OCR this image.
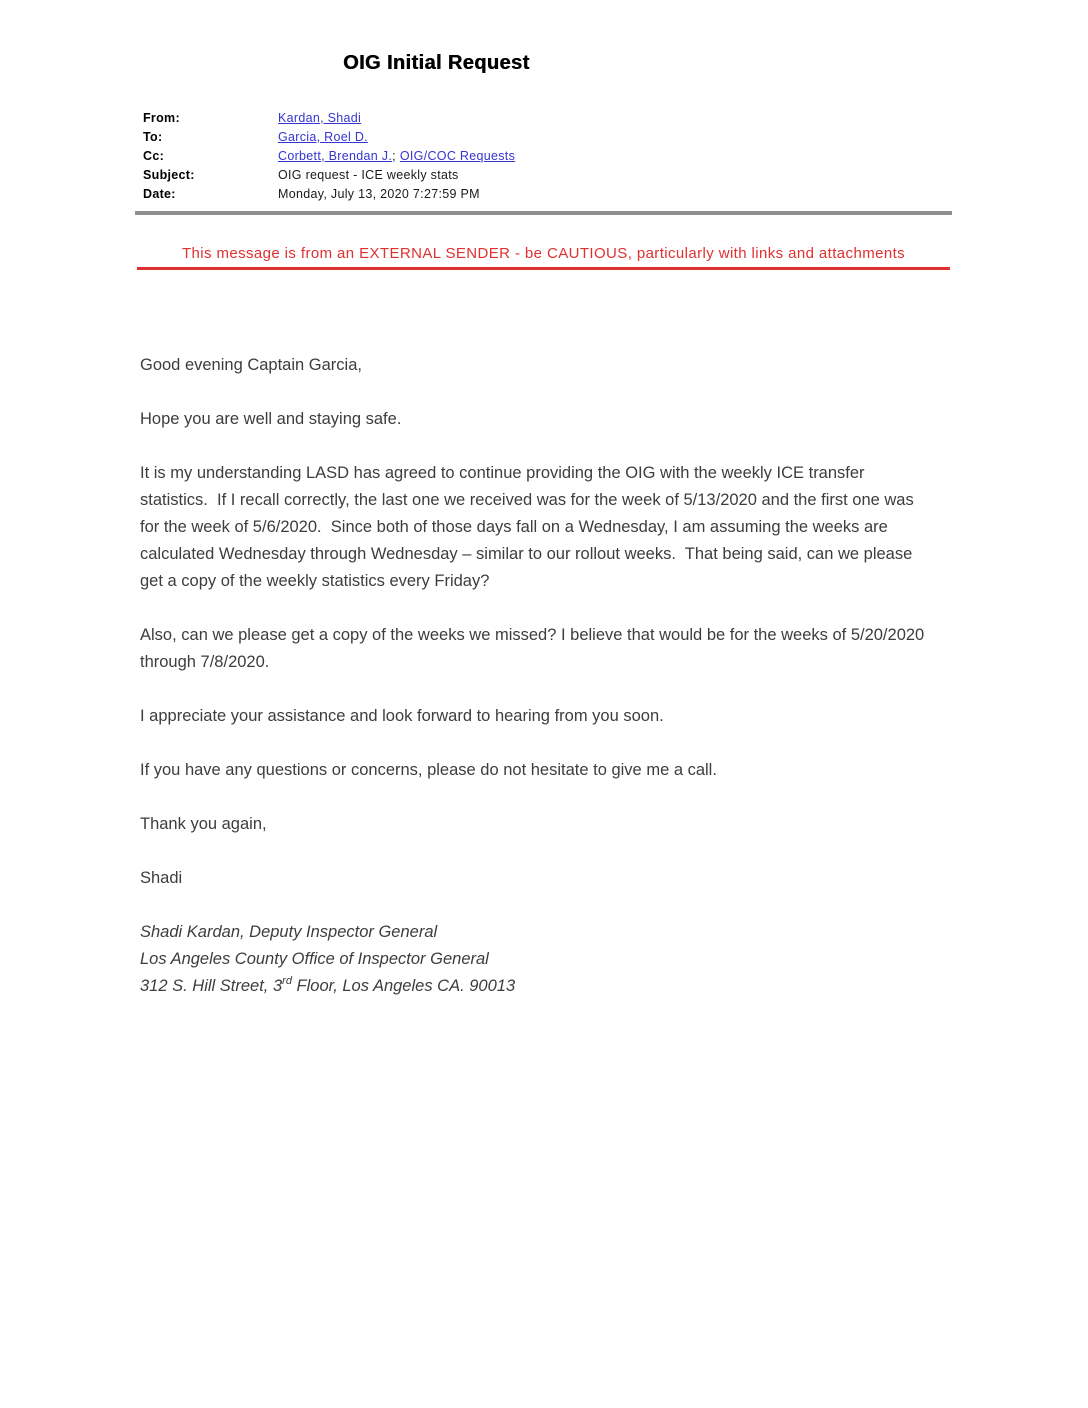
OIG Initial Request
From:	Kardan, Shadi
To:	Garcia, Roel D.
Cc:	Corbett, Brendan J.; OIG/COC Requests
Subject:	OIG request - ICE weekly stats
Date:	Monday, July 13, 2020 7:27:59 PM
This message is from an EXTERNAL SENDER - be CAUTIOUS, particularly with links and attachments

Good evening Captain Garcia,

Hope you are well and staying safe.

It is my understanding LASD has agreed to continue providing the OIG with the weekly ICE transfer statistics.  If I recall correctly, the last one we received was for the week of 5/13/2020 and the first one was for the week of 5/6/2020.  Since both of those days fall on a Wednesday, I am assuming the weeks are calculated Wednesday through Wednesday – similar to our rollout weeks.  That being said, can we please get a copy of the weekly statistics every Friday?

Also, can we please get a copy of the weeks we missed? I believe that would be for the weeks of 5/20/2020 through 7/8/2020.

I appreciate your assistance and look forward to hearing from you soon.

If you have any questions or concerns, please do not hesitate to give me a call.

Thank you again,

Shadi

Shadi Kardan, Deputy Inspector General

Los Angeles County Office of Inspector General

312 S. Hill Street, 3rd Floor, Los Angeles CA. 90013
